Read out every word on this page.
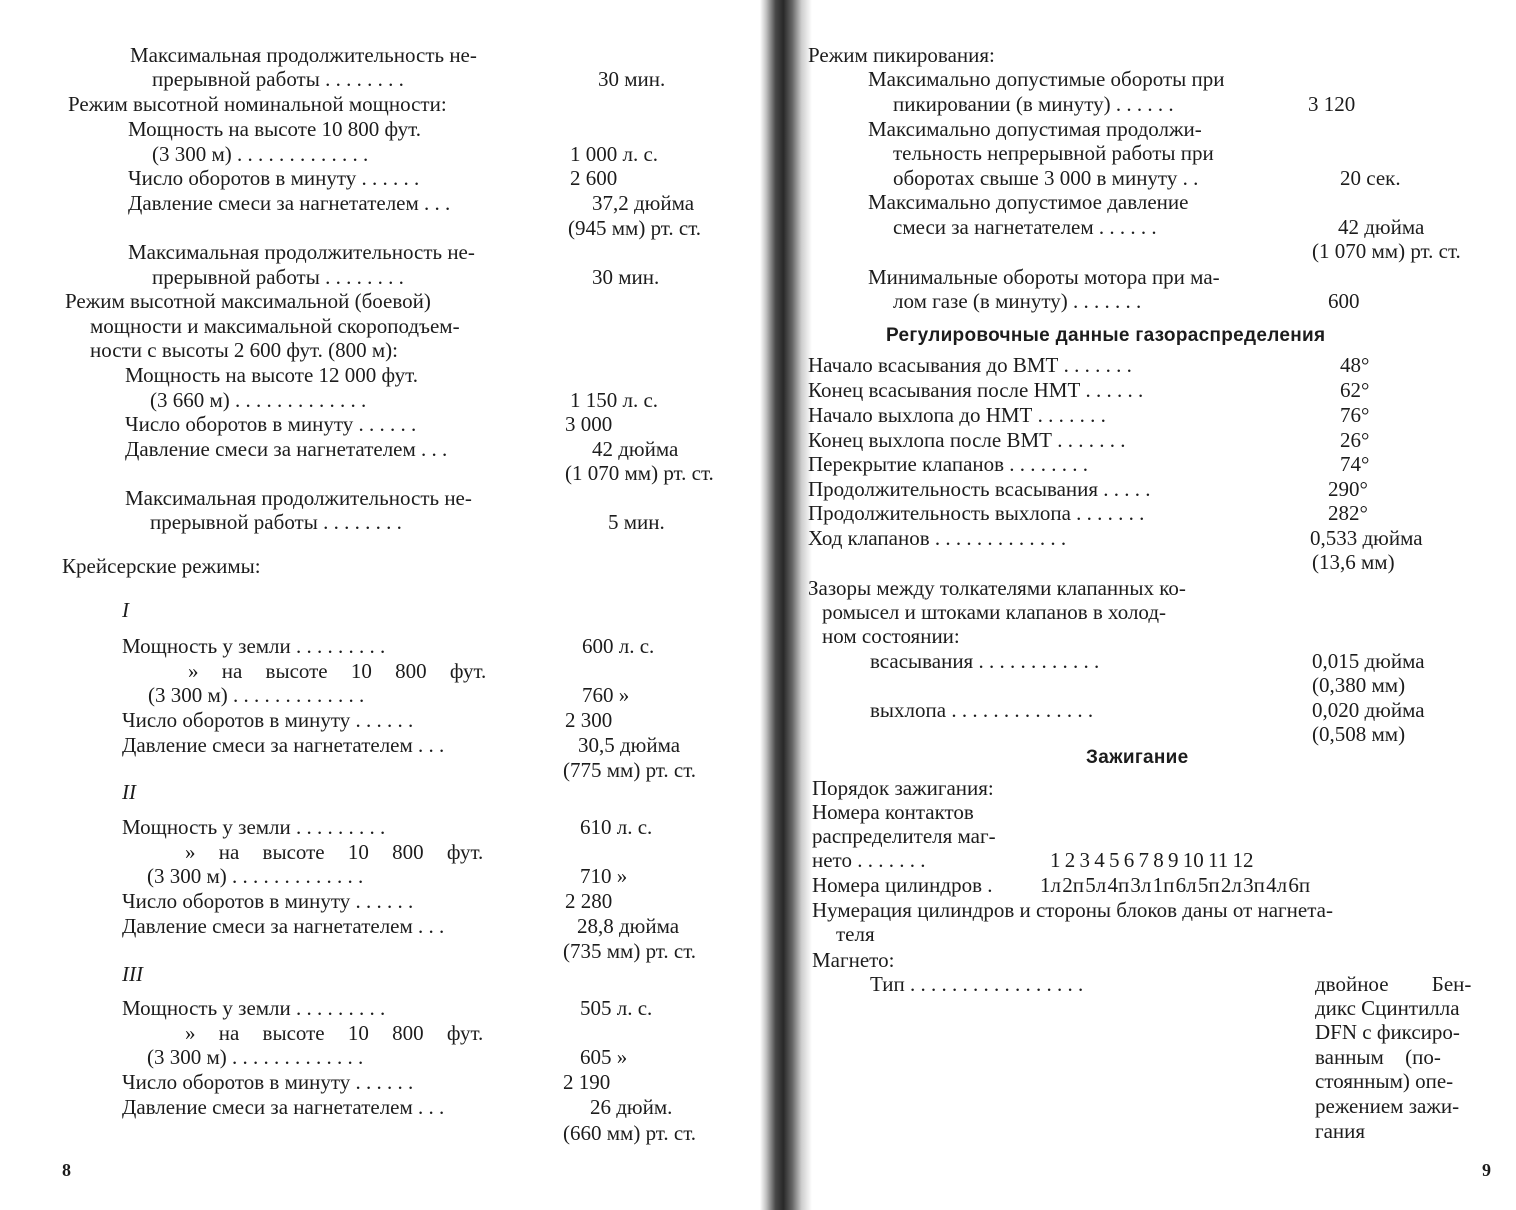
Максимальная продолжительность не-
прерывной работы . . . . . . . .	30 мин.
Режим высотной номинальной мощности:
Мощность на высоте 10 800 фут.
(3 300 м) . . . . . . . . . . . . .	1 000 л. с.
Число оборотов в минуту . . . . . .	2 600
Давление смеси за нагнетателем . . .	37,2 дюйма
(945 мм) рт. ст.
Максимальная продолжительность не-
прерывной работы . . . . . . . .	30 мин.
Режим высотной максимальной (боевой)
мощности и максимальной скороподъем-
ности с высоты 2 600 фут. (800 м):
Мощность на высоте 12 000 фут.
(3 660 м) . . . . . . . . . . . . .	1 150 л. с.
Число оборотов в минуту . . . . . .	3 000
Давление смеси за нагнетателем . . .	42 дюйма
(1 070 мм) рт. ст.
Максимальная продолжительность не-
прерывной работы . . . . . . . .	5 мин.
Крейсерские режимы:
I
Мощность у земли . . . . . . . . .	600 л. с.
» на высоте 10 800 фут.
(3 300 м) . . . . . . . . . . . . .	760 »
Число оборотов в минуту . . . . . .	2 300
Давление смеси за нагнетателем . . .	30,5 дюйма
(775 мм) рт. ст.
II
Мощность у земли . . . . . . . . .	610 л. с.
» на высоте 10 800 фут.
(3 300 м) . . . . . . . . . . . . .	710 »
Число оборотов в минуту . . . . . .	2 280
Давление смеси за нагнетателем . . .	28,8 дюйма
(735 мм) рт. ст.
III
Мощность у земли . . . . . . . . .	505 л. с.
» на высоте 10 800 фут.
(3 300 м) . . . . . . . . . . . . .	605 »
Число оборотов в минуту . . . . . .	2 190
Давление смеси за нагнетателем . . .	26 дюйм.
(660 мм) рт. ст.
8
Режим пикирования:
Максимально допустимые обороты при
пикировании (в минуту) . . . . . .	3 120
Максимально допустимая продолжи-
тельность непрерывной работы при
оборотах свыше 3 000 в минуту . .	20 сек.
Максимально допустимое давление
смеси за нагнетателем . . . . . .	42 дюйма
(1 070 мм) рт. ст.
Минимальные обороты мотора при ма-
лом газе (в минуту) . . . . . . .	600
Регулировочные данные газораспределения
Начало всасывания до ВМТ . . . . . . .	48°
Конец всасывания после НМТ . . . . . .	62°
Начало выхлопа до НМТ . . . . . . .	76°
Конец выхлопа после ВМТ . . . . . . .	26°
Перекрытие клапанов . . . . . . . .	74°
Продолжительность всасывания . . . . .	290°
Продолжительность выхлопа . . . . . . .	282°
Ход клапанов . . . . . . . . . . . . .	0,533 дюйма
(13,6 мм)
Зазоры между толкателями клапанных ко-
ромысел и штоками клапанов в холод-
ном состоянии:
всасывания . . . . . . . . . . . .	0,015 дюйма
(0,380 мм)
выхлопа . . . . . . . . . . . . . .	0,020 дюйма
(0,508 мм)
Зажигание
Порядок зажигания:
Номера контактов
распределителя маг-
нето . . . . . . .	1 2 3 4 5 6 7 8 9 10 11 12
Номера цилиндров . 1л 2п 5л 4п 3л 1п 6л 5п 2л 3п 4л 6п
Нумерация цилиндров и стороны блоков даны от нагнета-
теля
Магнето:
Тип . . . . . . . . . . . . . . . . .	двойное Бен-
дикс Сцинтилла
DFN с фиксиро-
ванным (по-
стоянным) опе-
режением зажи-
гания
9
